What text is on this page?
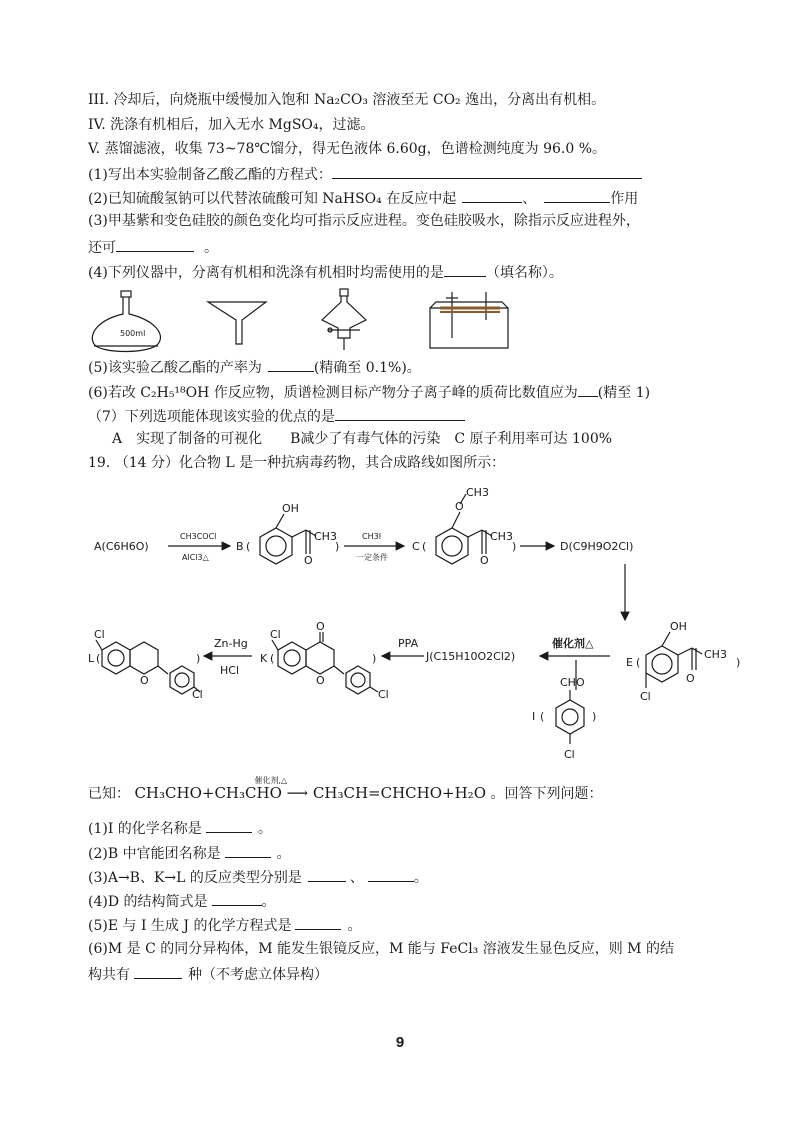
III. 冷却后，向烧瓶中缓慢加入饱和 Na₂CO₃ 溶液至无 CO₂ 逸出，分离出有机相。
IV. 洗涤有机相后，加入无水 MgSO₄，过滤。
V. 蒸馏滤液，收集 73~78℃馏分，得无色液体 6.60g，色谱检测纯度为 96.0 %。
(1)写出本实验制备乙酸乙酯的方程式：
(2)已知硫酸氢钠可以代替浓硫酸可知 NaHSO₄ 在反应中起	、	作用
(3)甲基紫和变色硅胶的颜色变化均可指示反应进程。变色硅胶吸水，除指示反应进程外，
还可	。
(4)下列仪器中，分离有机相和洗涤有机相时均需使用的是	（填名称）。
500ml
(5)该实验乙酸乙酯的产率为	(精确至 0.1%)。
(6)若改 C₂H₅¹⁸OH 作反应物，质谱检测目标产物分子离子峰的质荷比数值应为 (精至 1)
（7）下列选项能体现该实验的优点的是
A　实现了制备的可视化　　B减少了有毒气体的污染　C 原子利用率可达 100%
19. （14 分）化合物 L 是一种抗病毒药物，其合成路线如图所示：
A(C6H6O)
CH3COCl
AlCl3△
B (	)
OH
CH3
O
CH3I
一定条件
C (	)
CH3
O
CH3
O
D(C9H9O2Cl)
E (	)
OH
CH3
O
Cl
催化剂△
I (	)
CHO
Cl
J(C15H10O2Cl2)
PPA
K (	)
Cl
O
O
Cl
Zn-Hg
HCl
L (	)
Cl
O
Cl
已知：
催化剂,△
CH₃CHO+CH₃CHO ⟶ CH₃CH=CHCHO+H₂O 。回答下列问题：
(1)I 的化学名称是	。
(2)B 中官能团名称是	。
(3)A→B、K→L 的反应类型分别是	、	。
(4)D 的结构简式是	。
(5)E 与 I 生成 J 的化学方程式是	。
(6)M 是 C 的同分异构体，M 能发生银镜反应，M 能与 FeCl₃ 溶液发生显色反应，则 M 的结
构共有	种（不考虑立体异构）
9
